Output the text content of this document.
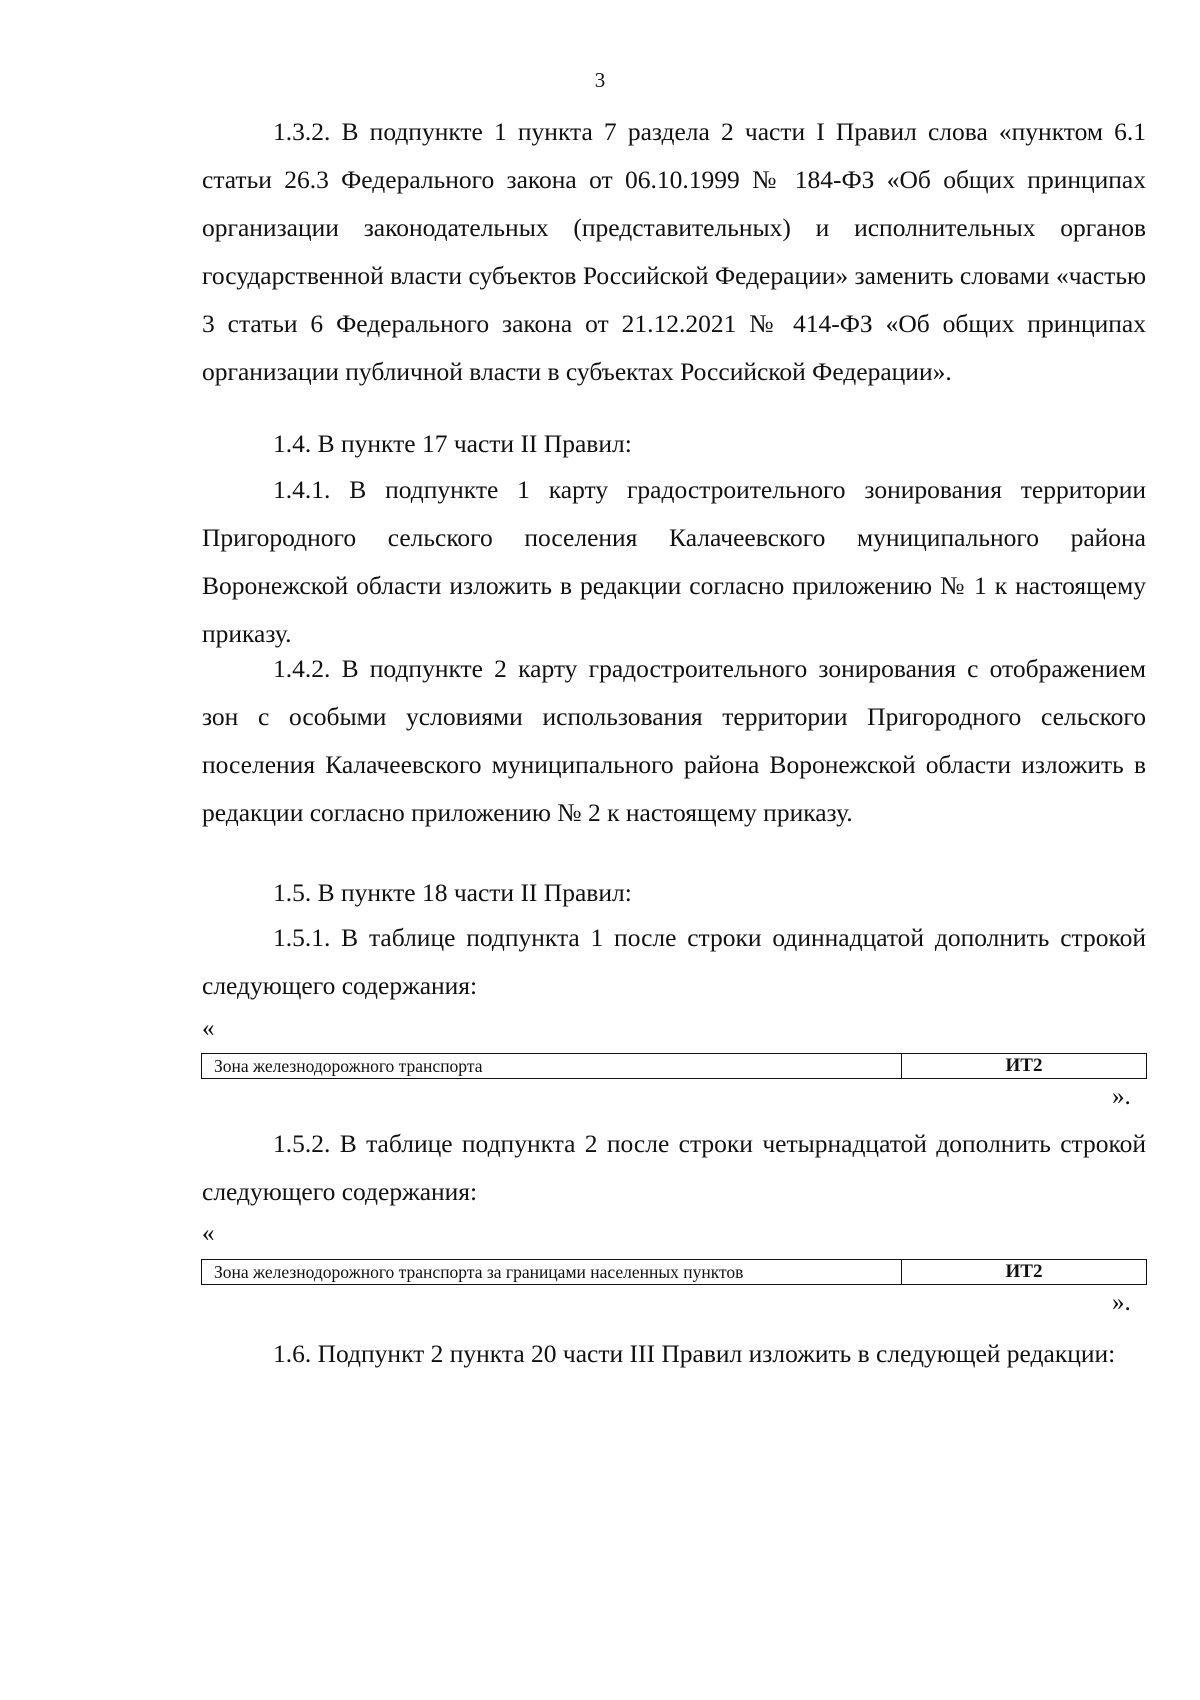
3
1.3.2. В подпункте 1 пункта 7 раздела 2 части I Правил слова «пунктом 6.1 статьи 26.3 Федерального закона от 06.10.1999 № 184-ФЗ «Об общих принципах организации законодательных (представительных) и исполнительных органов государственной власти субъектов Российской Федерации» заменить словами «частью 3 статьи 6 Федерального закона от 21.12.2021 № 414-ФЗ «Об общих принципах организации публичной власти в субъектах Российской Федерации».
1.4. В пункте 17 части II Правил:
1.4.1. В подпункте 1 карту градостроительного зонирования территории Пригородного сельского поселения Калачеевского муниципального района Воронежской области изложить в редакции согласно приложению № 1 к настоящему приказу.
1.4.2. В подпункте 2 карту градостроительного зонирования с отображением зон с особыми условиями использования территории Пригородного сельского поселения Калачеевского муниципального района Воронежской области изложить в редакции согласно приложению № 2 к настоящему приказу.
1.5. В пункте 18 части II Правил:
1.5.1. В таблице подпункта 1 после строки одиннадцатой дополнить строкой следующего содержания:
«
Зона железнодорожного транспорта	ИТ2
».
1.5.2. В таблице подпункта 2 после строки четырнадцатой дополнить строкой следующего содержания:
«
Зона железнодорожного транспорта за границами населенных пунктов	ИТ2
».
1.6. Подпункт 2 пункта 20 части III Правил изложить в следующей редакции:
